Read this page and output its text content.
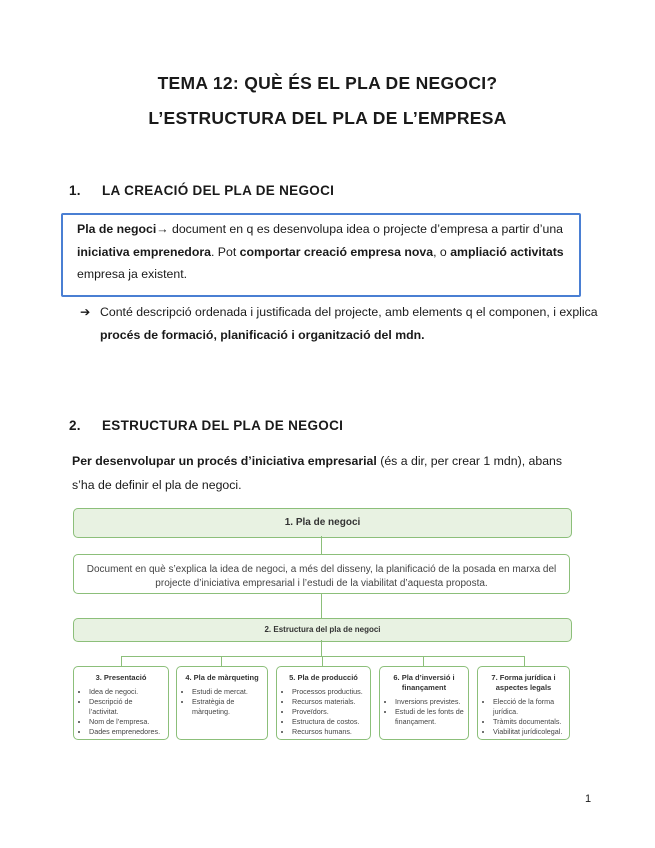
TEMA 12: QUÈ ÉS EL PLA DE NEGOCI?
L’ESTRUCTURA DEL PLA DE L’EMPRESA
1. LA CREACIÓ DEL PLA DE NEGOCI
Pla de negoci→ document en q es desenvolupa idea o projecte d’empresa a partir d’una iniciativa emprenedora. Pot comportar creació empresa nova, o ampliació activitats empresa ja existent.
➔ Conté descripció ordenada i justificada del projecte, amb elements q el componen, i explica procés de formació, planificació i organització del mdn.
2. ESTRUCTURA DEL PLA DE NEGOCI
Per desenvolupar un procés d’iniciativa empresarial (és a dir, per crear 1 mdn), abans s’ha de definir el pla de negoci.
1. Pla de negoci
Document en què s’explica la idea de negoci, a més del disseny, la planificació de la posada en marxa del projecte d’iniciativa empresarial i l’estudi de la viabilitat d’aquesta proposta.
2. Estructura del pla de negoci
3. Presentació
• Idea de negoci.
• Descripció de l’activitat.
• Nom de l’empresa.
• Dades emprenedores.
4. Pla de màrqueting
• Estudi de mercat.
• Estratègia de màrqueting.
5. Pla de producció
• Processos productius.
• Recursos materials.
• Proveïdors.
• Estructura de costos.
• Recursos humans.
6. Pla d’inversió i finançament
• Inversions previstes.
• Estudi de les fonts de finançament.
7. Forma jurídica i aspectes legals
• Elecció de la forma jurídica.
• Tràmits documentals.
• Viabilitat jurídicolegal.
1
